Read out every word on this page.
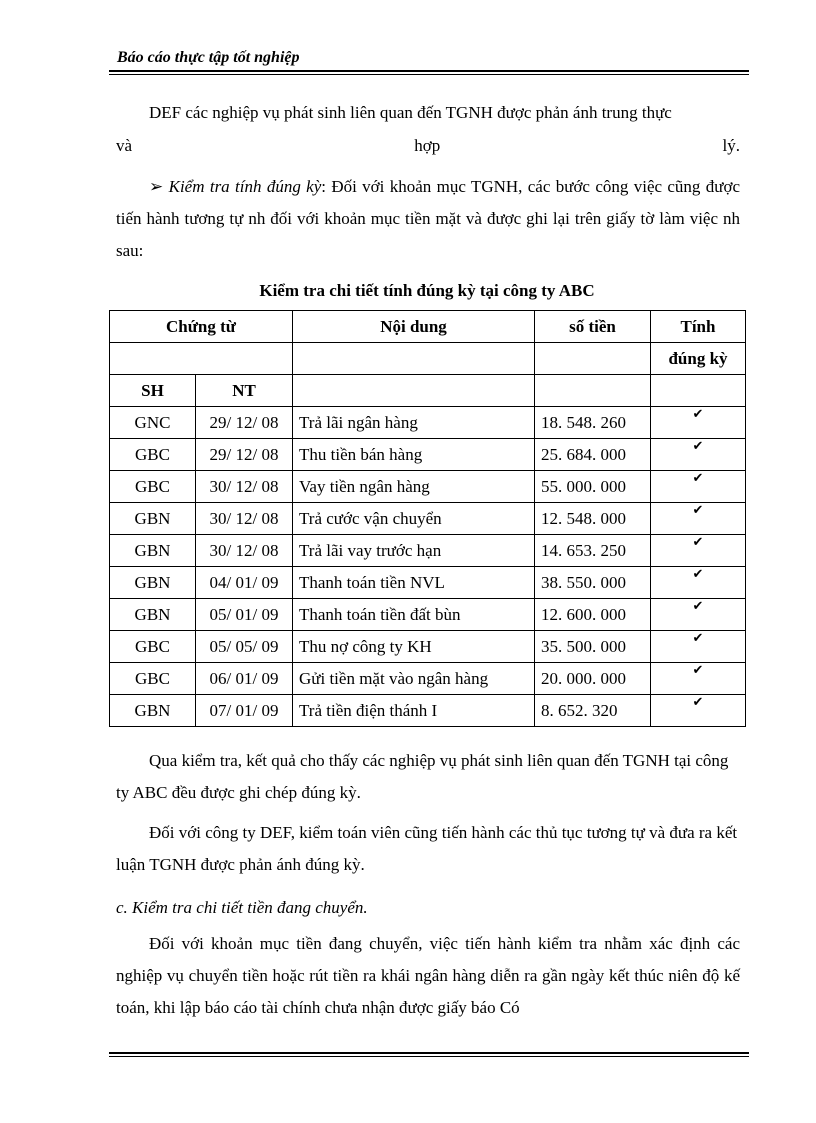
Báo cáo thực tập tốt nghiệp
DEF các nghiệp vụ phát sinh liên quan đến TGNH được phản ánh trung thực
và	hợp	lý.
➢ Kiểm tra tính đúng kỳ: Đối với khoản mục TGNH, các bước công việc cũng được tiến hành tương tự nh đối với khoản mục tiền mặt và được ghi lại trên giấy tờ làm việc nh sau:
Kiểm tra chi tiết tính đúng kỳ tại công ty ABC
Chứng từ		Nội dung	số tiền	Tính
				đúng kỳ
SH	NT			
GNC	29/ 12/ 08	Trả lãi ngân hàng	18. 548. 260	✔
GBC	29/ 12/ 08	Thu tiền bán hàng	25. 684. 000	✔
GBC	30/ 12/ 08	Vay tiền ngân hàng	55. 000. 000	✔
GBN	30/ 12/ 08	Trả cước vận chuyển	12. 548. 000	✔
GBN	30/ 12/ 08	Trả lãi vay trước hạn	14. 653. 250	✔
GBN	04/ 01/ 09	Thanh toán tiền NVL	38. 550. 000	✔
GBN	05/ 01/ 09	Thanh toán tiền đất bùn	12. 600. 000	✔
GBC	05/ 05/ 09	Thu nợ công ty KH	35. 500. 000	✔
GBC	06/ 01/ 09	Gửi tiền mặt vào ngân hàng	20. 000. 000	✔
GBN	07/ 01/ 09	Trả tiền điện thánh I	8. 652. 320	✔
Qua kiểm tra, kết quả cho thấy các nghiệp vụ phát sinh liên quan đến TGNH tại công ty ABC đều được ghi chép đúng kỳ.
Đối với công ty DEF, kiểm toán viên cũng tiến hành các thủ tục tương tự và đưa ra kết luận TGNH được phản ánh đúng kỳ.
c. Kiểm tra chi tiết tiền đang chuyển.
Đối với khoản mục tiền đang chuyển, việc tiến hành kiểm tra nhằm xác định các nghiệp vụ chuyển tiền hoặc rút tiền ra khái ngân hàng diễn ra gần ngày kết thúc niên độ kế toán, khi lập báo cáo tài chính chưa nhận được giấy báo Có
